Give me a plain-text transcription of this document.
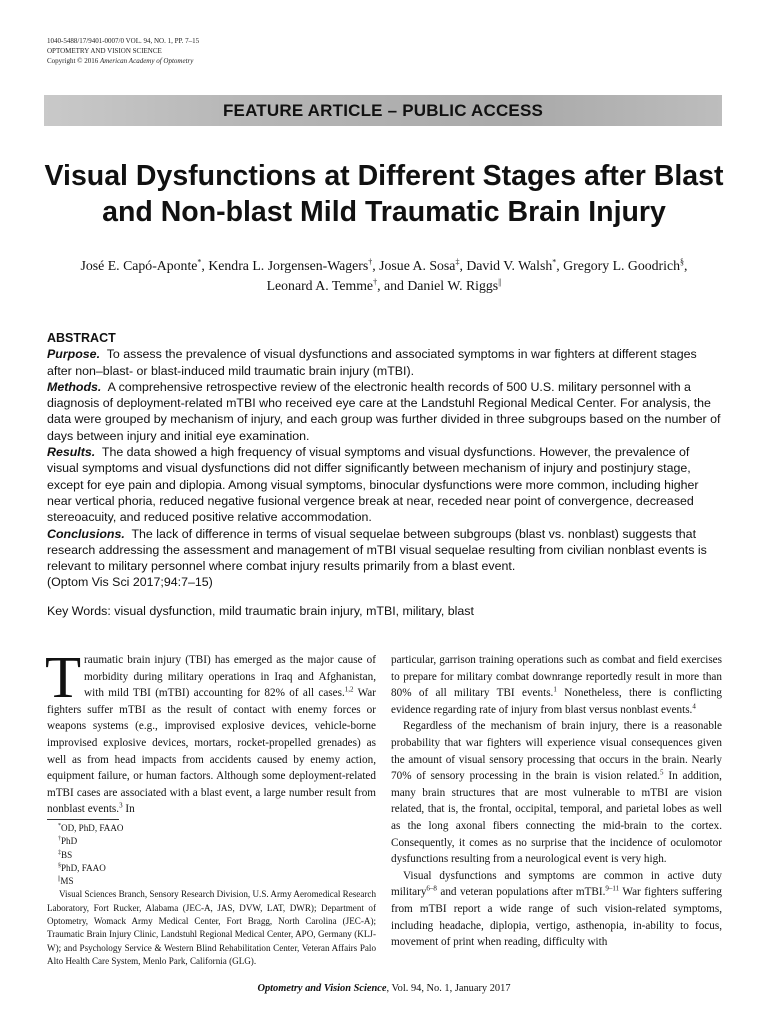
1040-5488/17/9401-0007/0 VOL. 94, NO. 1, PP. 7–15
OPTOMETRY AND VISION SCIENCE
Copyright © 2016 American Academy of Optometry
FEATURE ARTICLE – PUBLIC ACCESS
Visual Dysfunctions at Different Stages after Blast
and Non-blast Mild Traumatic Brain Injury
José E. Capó-Aponte*, Kendra L. Jorgensen-Wagers†, Josue A. Sosa‡, David V. Walsh*, Gregory L. Goodrich§,
Leonard A. Temme†, and Daniel W. Riggs||
ABSTRACT

Purpose. To assess the prevalence of visual dysfunctions and associated symptoms in war fighters at different stages after non–blast- or blast-induced mild traumatic brain injury (mTBI).

Methods. A comprehensive retrospective review of the electronic health records of 500 U.S. military personnel with a diagnosis of deployment-related mTBI who received eye care at the Landstuhl Regional Medical Center. For analysis, the data were grouped by mechanism of injury, and each group was further divided in three subgroups based on the number of days between injury and initial eye examination.

Results. The data showed a high frequency of visual symptoms and visual dysfunctions. However, the prevalence of visual symptoms and visual dysfunctions did not differ significantly between mechanism of injury and postinjury stage, except for eye pain and diplopia. Among visual symptoms, binocular dysfunctions were more common, including higher near vertical phoria, reduced negative fusional vergence break at near, receded near point of convergence, decreased stereoacuity, and reduced positive relative accommodation.

Conclusions. The lack of difference in terms of visual sequelae between subgroups (blast vs. nonblast) suggests that research addressing the assessment and management of mTBI visual sequelae resulting from civilian nonblast events is relevant to military personnel where combat injury results primarily from a blast event.

(Optom Vis Sci 2017;94:7–15)

Key Words: visual dysfunction, mild traumatic brain injury, mTBI, military, blast

Traumatic brain injury (TBI) has emerged as the major cause of morbidity during military operations in Iraq and Afghanistan, with mild TBI (mTBI) accounting for 82% of all cases.$^{1,2}$ War fighters suffer mTBI as the result of contact with enemy forces or weapons systems (e.g., improvised explosive devices, vehicle-borne improvised explosive devices, mortars, rocket-propelled grenades) as well as from head impacts from accidents caused by enemy action, equipment failure, or human factors. Although some deployment-related mTBI cases are associated with a blast event, a large number result from nonblast events.$^3$ In

*OD, PhD, FAAO
†PhD
‡BS
§PhD, FAAO
||MS
Visual Sciences Branch, Sensory Research Division, U.S. Army Aeromedical Research Laboratory, Fort Rucker, Alabama (JEC-A, JAS, DVW, LAT, DWR); Department of Optometry, Womack Army Medical Center, Fort Bragg, North Carolina (JEC-A); Traumatic Brain Injury Clinic, Landstuhl Regional Medical Center, APO, Germany (KLJ-W); and Psychology Service & Western Blind Rehabilitation Center, Veteran Affairs Palo Alto Health Care System, Menlo Park, California (GLG).

particular, garrison training operations such as combat and field exercises to prepare for military combat downrange reportedly result in more than 80% of all military TBI events.$^1$ Nonetheless, there is conflicting evidence regarding rate of injury from blast versus nonblast events.$^4$

Regardless of the mechanism of brain injury, there is a reasonable probability that war fighters will experience visual consequences given the amount of visual sensory processing that occurs in the brain. Nearly 70% of sensory processing in the brain is vision related.$^5$ In addition, many brain structures that are most vulnerable to mTBI are vision related, that is, the frontal, occipital, temporal, and parietal lobes as well as the long axonal fibers connecting the mid-brain to the cortex. Consequently, it comes as no surprise that the incidence of oculomotor dysfunctions resulting from a neurological event is very high.

Visual dysfunctions and symptoms are common in active duty military$^{6-8}$ and veteran populations after mTBI.$^{9-11}$ War fighters suffering from mTBI report a wide range of such vision-related symptoms, including headache, diplopia, vertigo, asthenopia, in-ability to focus, movement of print when reading, difficulty with

Optometry and Vision Science, Vol. 94, No. 1, January 2017
